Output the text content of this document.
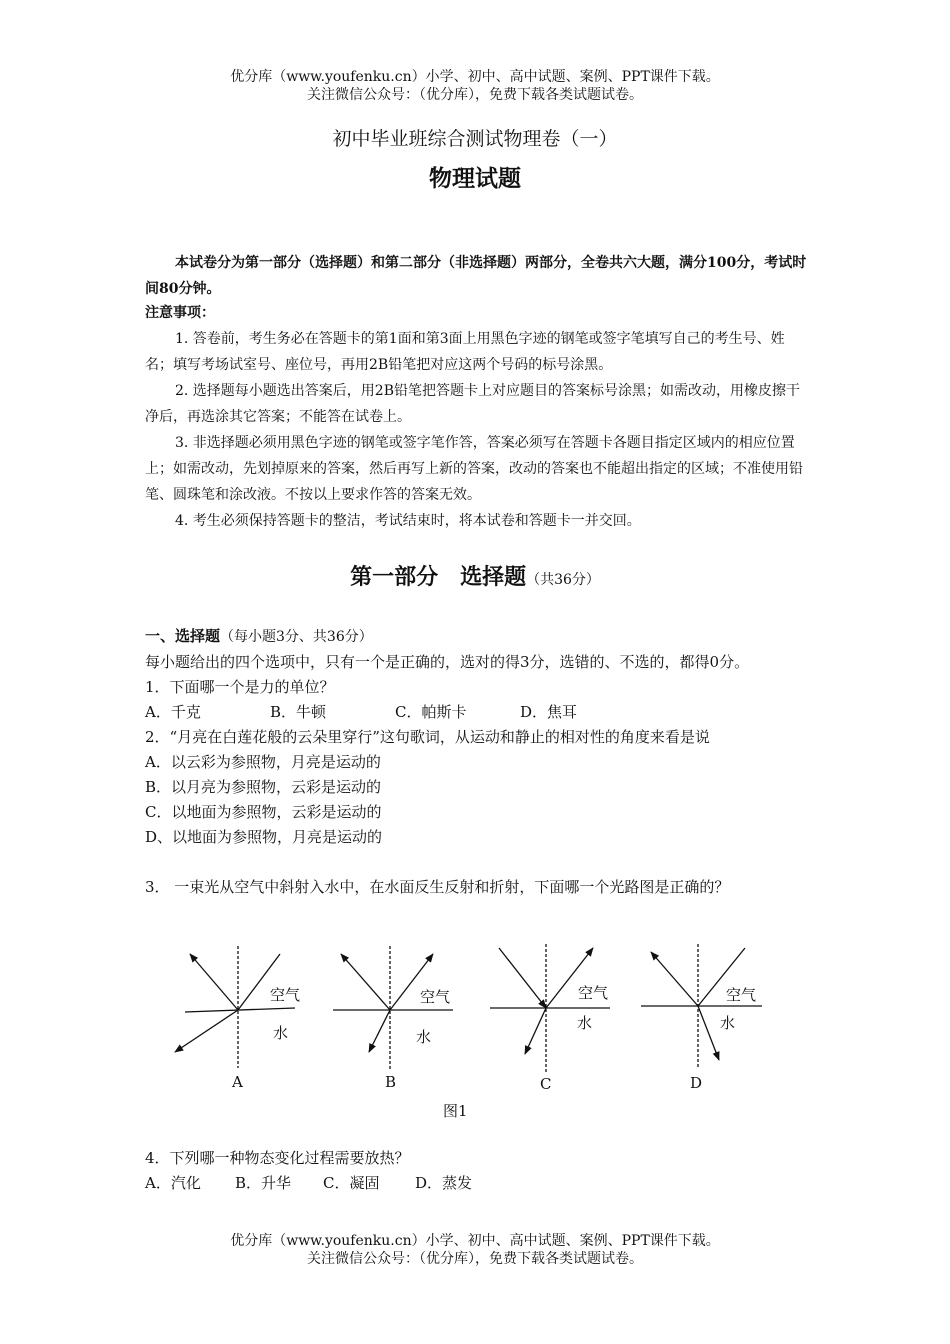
优分库（www.youfenku.cn）小学、初中、高中试题、案例、PPT课件下载。
关注微信公众号：（优分库），免费下载各类试题试卷。
初中毕业班综合测试物理卷（一）
物理试题
本试卷分为第一部分（选择题）和第二部分（非选择题）两部分，全卷共六大题，满分100分，考试时间80分钟。

注意事项：

1. 答卷前，考生务必在答题卡的第1面和第3面上用黑色字迹的钢笔或签字笔填写自己的考生号、姓名；填写考场试室号、座位号，再用2B铅笔把对应这两个号码的标号涂黑。

2. 选择题每小题选出答案后，用2B铅笔把答题卡上对应题目的答案标号涂黑；如需改动，用橡皮擦干净后，再选涂其它答案；不能答在试卷上。

3. 非选择题必须用黑色字迹的钢笔或签字笔作答，答案必须写在答题卡各题目指定区域内的相应位置上；如需改动，先划掉原来的答案，然后再写上新的答案，改动的答案也不能超出指定的区域；不准使用铅笔、圆珠笔和涂改液。不按以上要求作答的答案无效。

4. 考生必须保持答题卡的整洁，考试结束时，将本试卷和答题卡一并交回。

第一部分　选择题（共36分）

一、选择题（每小题3分、共36分）

每小题给出的四个选项中，只有一个是正确的，选对的得3分，选错的、不选的，都得0分。

1．下面哪一个是力的单位？

A．千克	B．牛顿	C．帕斯卡	D．焦耳

2．“月亮在白莲花般的云朵里穿行”这句歌词，从运动和静止的相对性的角度来看是说

A．以云彩为参照物，月亮是运动的

B．以月亮为参照物，云彩是运动的

C．以地面为参照物，云彩是运动的

D、以地面为参照物，月亮是运动的

3． 一束光从空气中斜射入水中，在水面反生反射和折射，下面哪一个光路图是正确的？

空气
水
A
空气
水
B
空气
水
C
空气
水
D
图1

4．下列哪一种物态变化过程需要放热？

A．汽化 B．升华 C．凝固 D．蒸发

优分库（www.youfenku.cn）小学、初中、高中试题、案例、PPT课件下载。
关注微信公众号：（优分库），免费下载各类试题试卷。
